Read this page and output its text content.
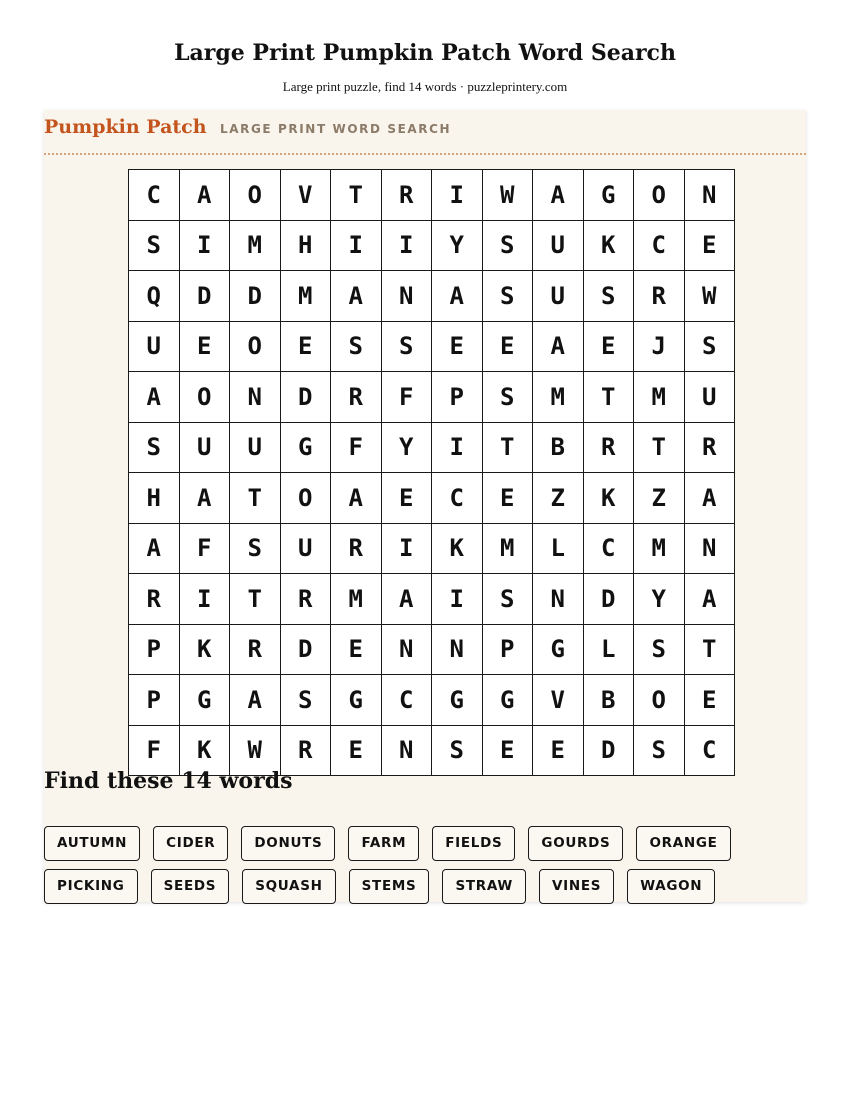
Large Print Pumpkin Patch Word Search
Large print puzzle, find 14 words · puzzleprintery.com
Pumpkin Patch LARGE PRINT WORD SEARCH
C	A	O	V	T	R	I	W	A	G	O	N
S	I	M	H	I	I	Y	S	U	K	C	E
Q	D	D	M	A	N	A	S	U	S	R	W
U	E	O	E	S	S	E	E	A	E	J	S
A	O	N	D	R	F	P	S	M	T	M	U
S	U	U	G	F	Y	I	T	B	R	T	R
H	A	T	O	A	E	C	E	Z	K	Z	A
A	F	S	U	R	I	K	M	L	C	M	N
R	I	T	R	M	A	I	S	N	D	Y	A
P	K	R	D	E	N	N	P	G	L	S	T
P	G	A	S	G	C	G	G	V	B	O	E
F	K	W	R	E	N	S	E	E	D	S	C
Find these 14 words
AUTUMN	CIDER	DONUTS	FARM	FIELDS	GOURDS	ORANGE
PICKING	SEEDS	SQUASH	STEMS	STRAW	VINES	WAGON
